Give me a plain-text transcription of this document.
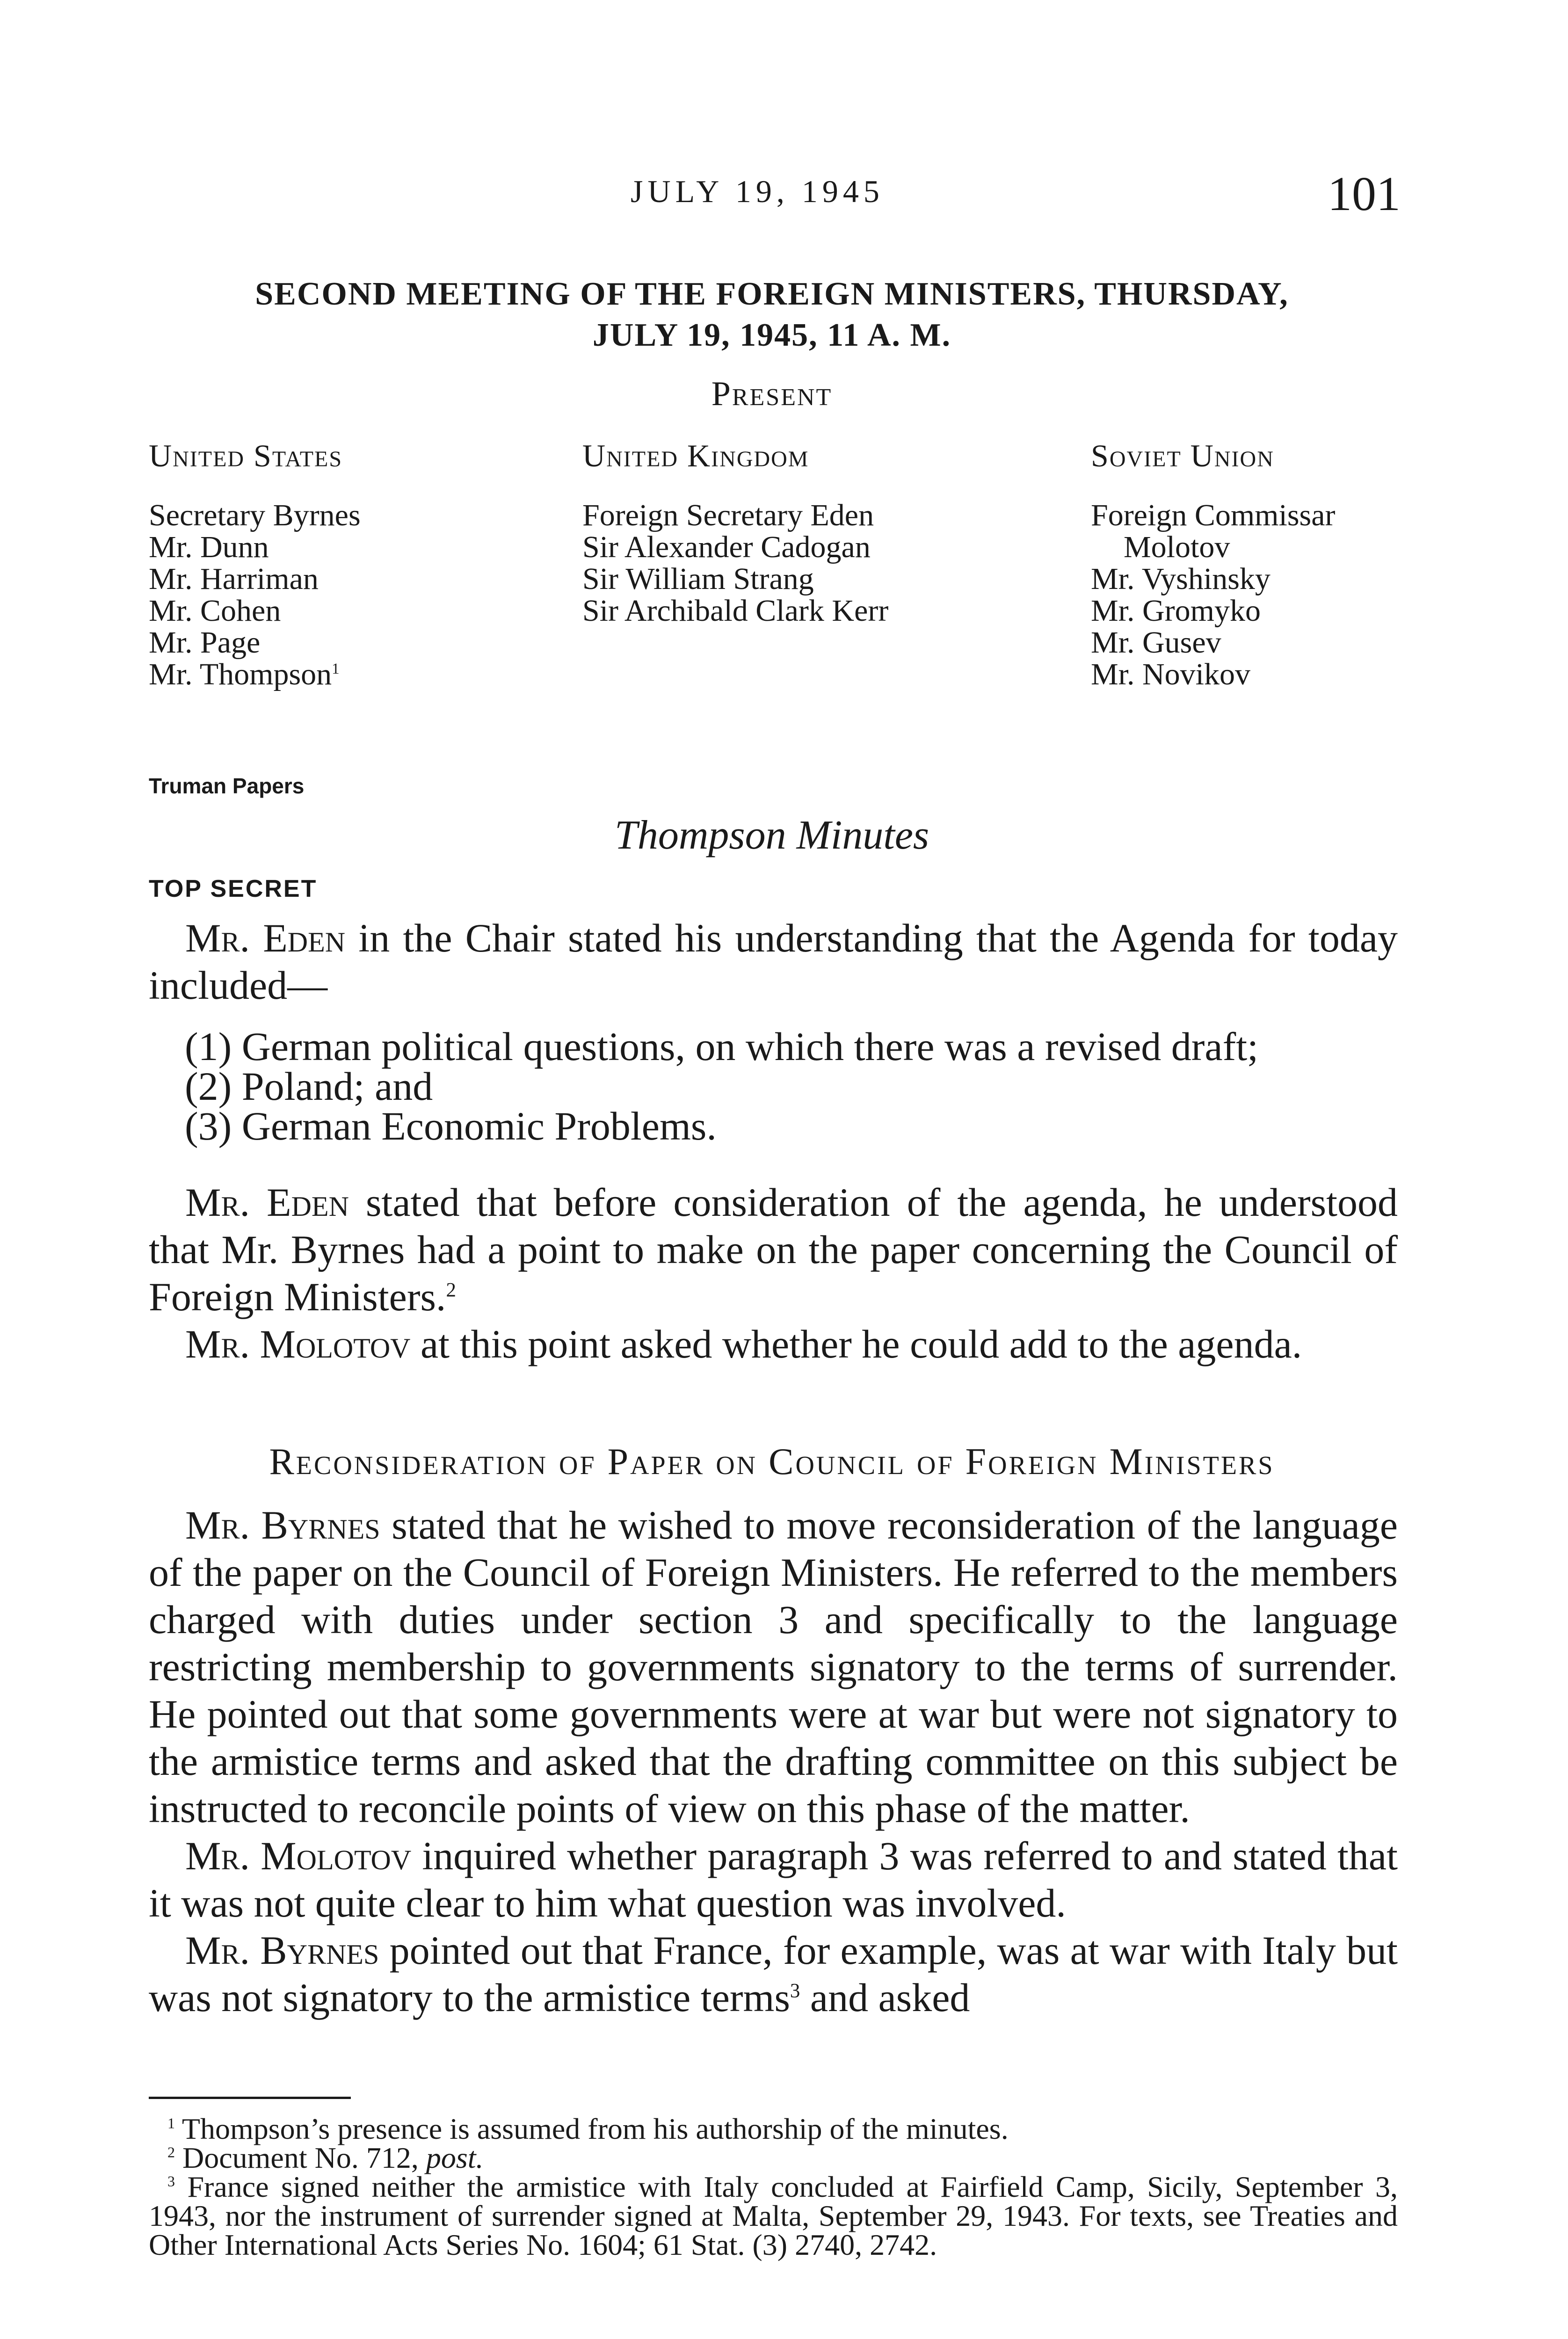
JULY 19, 1945	101
SECOND MEETING OF THE FOREIGN MINISTERS, THURSDAY,
JULY 19, 1945, 11 A. M.
Present
United States
Secretary Byrnes
Mr. Dunn
Mr. Harriman
Mr. Cohen
Mr. Page
Mr. Thompson$^1$
United Kingdom
Foreign Secretary Eden
Sir Alexander Cadogan
Sir William Strang
Sir Archibald Clark Kerr
Soviet Union
Foreign Commissar
Molotov
Mr. Vyshinsky
Mr. Gromyko
Mr. Gusev
Mr. Novikov
Truman Papers
Thompson Minutes
TOP SECRET

Mr. Eden in the Chair stated his understanding that the Agenda for today included—

(1) German political questions, on which there was a revised draft;
(2) Poland; and
(3) German Economic Problems.

Mr. Eden stated that before consideration of the agenda, he understood that Mr. Byrnes had a point to make on the paper concerning the Council of Foreign Ministers.$^2$

Mr. Molotov at this point asked whether he could add to the agenda.

Reconsideration of Paper on Council of Foreign Ministers

Mr. Byrnes stated that he wished to move reconsideration of the language of the paper on the Council of Foreign Ministers. He referred to the members charged with duties under section 3 and specifically to the language restricting membership to governments signatory to the terms of surrender. He pointed out that some governments were at war but were not signatory to the armistice terms and asked that the drafting committee on this subject be instructed to reconcile points of view on this phase of the matter.

Mr. Molotov inquired whether paragraph 3 was referred to and stated that it was not quite clear to him what question was involved.

Mr. Byrnes pointed out that France, for example, was at war with Italy but was not signatory to the armistice terms$^3$ and asked

$^1$ Thompson’s presence is assumed from his authorship of the minutes.

$^2$ Document No. 712, post.

$^3$ France signed neither the armistice with Italy concluded at Fairfield Camp, Sicily, September 3, 1943, nor the instrument of surrender signed at Malta, September 29, 1943. For texts, see Treaties and Other International Acts Series No. 1604; 61 Stat. (3) 2740, 2742.
